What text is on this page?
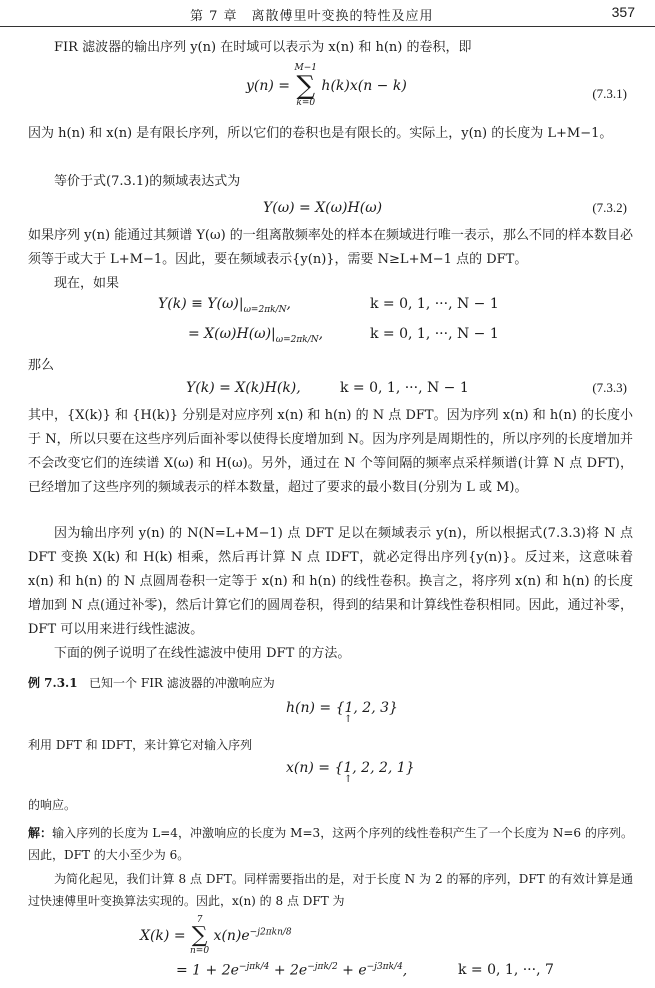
第 7 章　离散傅里叶变换的特性及应用	357

FIR 滤波器的输出序列 y(n) 在时域可以表示为 x(n) 和 h(n) 的卷积，即

y(n) =
M−1
∑
k=0
h(k)x(n − k)	(7.3.1)

因为 h(n) 和 x(n) 是有限长序列，所以它们的卷积也是有限长的。实际上，y(n) 的长度为 L+M−1。

等价于式(7.3.1)的频域表达式为

Y(ω) = X(ω)H(ω)	(7.3.2)

如果序列 y(n) 能通过其频谱 Y(ω) 的一组离散频率处的样本在频域进行唯一表示，那么不同的样本数目必须等于或大于 L+M−1。因此，要在频域表示{y(n)}，需要 N≥L+M−1 点的 DFT。

现在，如果

$Y(k) \equiv Y(\omega)|_{\omega=2\pi k/N}$,	k = 0, 1, ···, N − 1
= $X(\omega)H(\omega)|_{\omega=2\pi k/N}$,	k = 0, 1, ···, N − 1

那么

Y(k) = X(k)H(k),	k = 0, 1, ···, N − 1	(7.3.3)

其中，{X(k)} 和 {H(k)} 分别是对应序列 x(n) 和 h(n) 的 N 点 DFT。因为序列 x(n) 和 h(n) 的长度小于 N，所以只要在这些序列后面补零以使得长度增加到 N。因为序列是周期性的，所以序列的长度增加并不会改变它们的连续谱 X(ω) 和 H(ω)。另外，通过在 N 个等间隔的频率点采样频谱(计算 N 点 DFT)，已经增加了这些序列的频域表示的样本数量，超过了要求的最小数目(分别为 L 或 M)。

因为输出序列 y(n) 的 N(N=L+M−1) 点 DFT 足以在频域表示 y(n)，所以根据式(7.3.3)将 N 点 DFT 变换 X(k) 和 H(k) 相乘，然后再计算 N 点 IDFT，就必定得出序列{y(n)}。反过来，这意味着 x(n) 和 h(n) 的 N 点圆周卷积一定等于 x(n) 和 h(n) 的线性卷积。换言之，将序列 x(n) 和 h(n) 的长度增加到 N 点(通过补零)，然后计算它们的圆周卷积，得到的结果和计算线性卷积相同。因此，通过补零，DFT 可以用来进行线性滤波。

下面的例子说明了在线性滤波中使用 DFT 的方法。

例 7.3.1 已知一个 FIR 滤波器的冲激响应为

h(n) = {1, 2, 3}
↑

利用 DFT 和 IDFT，来计算它对输入序列

x(n) = {1, 2, 2, 1}
↑

的响应。

解：输入序列的长度为 L=4，冲激响应的长度为 M=3，这两个序列的线性卷积产生了一个长度为 N=6 的序列。因此，DFT 的大小至少为 6。

为简化起见，我们计算 8 点 DFT。同样需要指出的是，对于长度 N 为 2 的幂的序列，DFT 的有效计算是通过快速傅里叶变换算法实现的。因此，x(n) 的 8 点 DFT 为

X(k) =
7
∑
n=0
$x(n)e^{-j2\pi kn/8}$
= $1 + 2e^{-j\pi k/4} + 2e^{-j\pi k/2} + e^{-j3\pi k/4}$,	k = 0, 1, ···, 7
